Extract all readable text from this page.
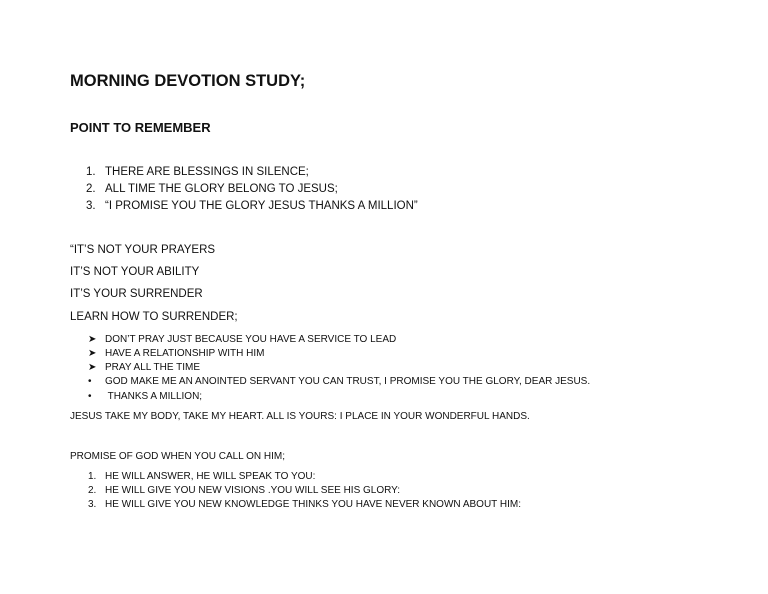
MORNING DEVOTION STUDY;
POINT TO REMEMBER
1. THERE ARE BLESSINGS IN SILENCE;
2. ALL TIME THE GLORY BELONG TO JESUS;
3. “I PROMISE YOU THE GLORY JESUS THANKS A MILLION”
“IT’S NOT YOUR PRAYERS
IT’S NOT YOUR ABILITY
IT’S YOUR SURRENDER
LEARN HOW TO SURRENDER;
➤ DON’T PRAY JUST BECAUSE YOU HAVE A SERVICE TO LEAD
➤ HAVE A RELATIONSHIP WITH HIM
➤ PRAY ALL THE TIME
• GOD MAKE ME AN ANOINTED SERVANT YOU CAN TRUST, I PROMISE YOU THE GLORY, DEAR JESUS.
• THANKS A MILLION;
JESUS TAKE MY BODY, TAKE MY HEART. ALL IS YOURS: I PLACE IN YOUR WONDERFUL HANDS.
PROMISE OF GOD WHEN YOU CALL ON HIM;
1. HE WILL ANSWER, HE WILL SPEAK TO YOU:
2. HE WILL GIVE YOU NEW VISIONS .YOU WILL SEE HIS GLORY:
3. HE WILL GIVE YOU NEW KNOWLEDGE THINKS YOU HAVE NEVER KNOWN ABOUT HIM:
